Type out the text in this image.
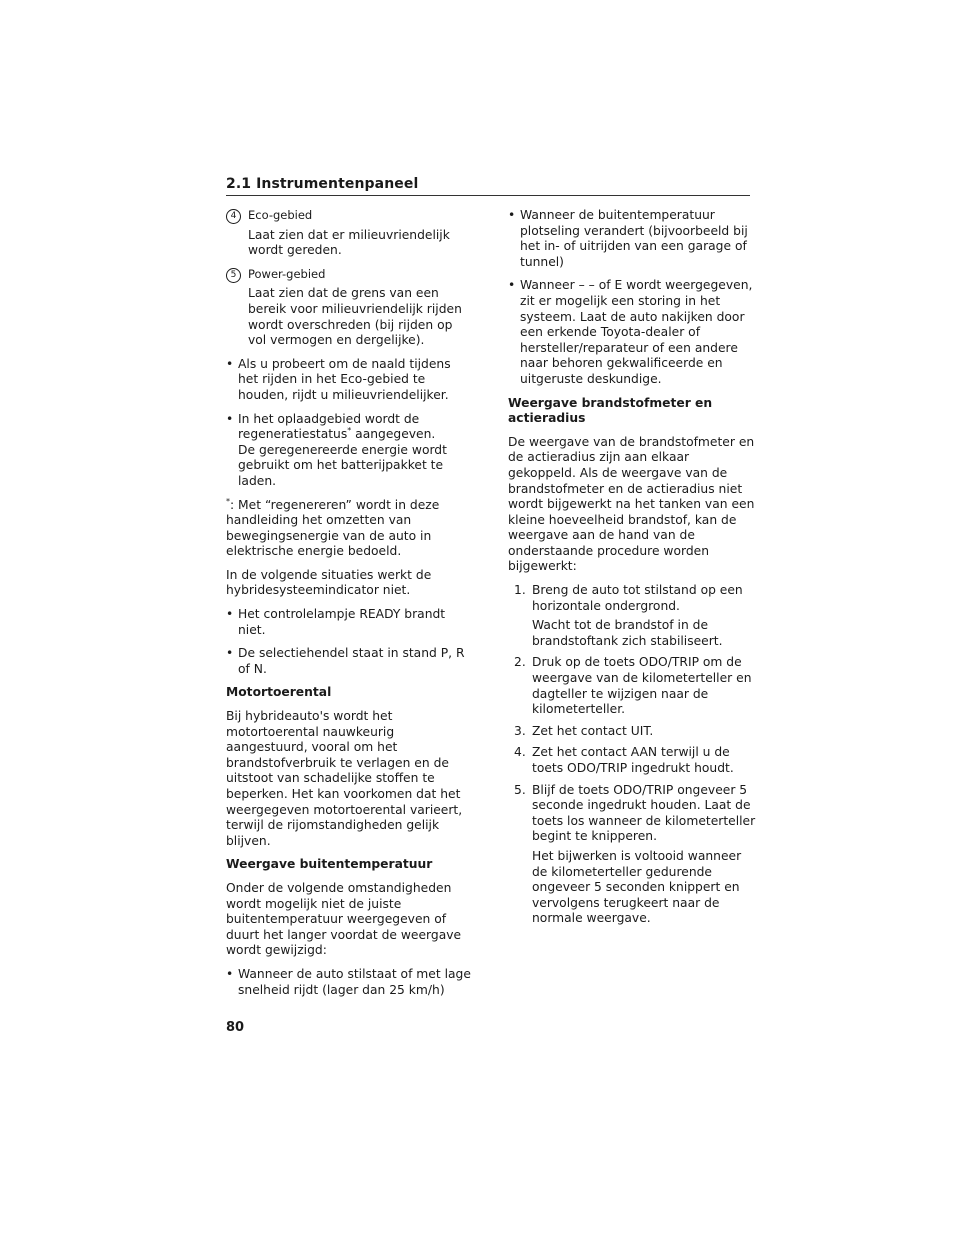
2.1 Instrumentenpaneel
4	Eco-gebied
Laat zien dat er milieuvriendelijk wordt gereden.
5	Power-gebied
Laat zien dat de grens van een bereik voor milieuvriendelijk rijden wordt overschreden (bij rijden op vol vermogen en dergelijke).
• Als u probeert om de naald tijdens het rijden in het Eco-gebied te houden, rijdt u milieuvriendelijker.
• In het oplaadgebied wordt de regeneratiestatus* aangegeven.
De geregenereerde energie wordt gebruikt om het batterijpakket te laden.

*: Met “regenereren” wordt in deze handleiding het omzetten van bewegingsenergie van de auto in elektrische energie bedoeld.

In de volgende situaties werkt de hybridesysteemindicator niet.

• Het controlelampje READY brandt niet.
• De selectiehendel staat in stand P, R of N.

Motortoerental

Bij hybrideauto's wordt het motortoerental nauwkeurig aangestuurd, vooral om het brandstofverbruik te verlagen en de uitstoot van schadelijke stoffen te beperken. Het kan voorkomen dat het weergegeven motortoerental varieert, terwijl de rijomstandigheden gelijk blijven.

Weergave buitentemperatuur

Onder de volgende omstandigheden wordt mogelijk niet de juiste buitentemperatuur weergegeven of duurt het langer voordat de weergave wordt gewijzigd:

• Wanneer de auto stilstaat of met lage snelheid rijdt (lager dan 25 km/h)
• Wanneer de buitentemperatuur plotseling verandert (bijvoorbeeld bij het in- of uitrijden van een garage of tunnel)
• Wanneer – – of E wordt weergegeven, zit er mogelijk een storing in het systeem. Laat de auto nakijken door een erkende Toyota-dealer of hersteller/reparateur of een andere naar behoren gekwalificeerde en uitgeruste deskundige.

Weergave brandstofmeter en actieradius

De weergave van de brandstofmeter en de actieradius zijn aan elkaar gekoppeld. Als de weergave van de brandstofmeter en de actieradius niet wordt bijgewerkt na het tanken van een kleine hoeveelheid brandstof, kan de weergave aan de hand van de onderstaande procedure worden bijgewerkt:

1. Breng de auto tot stilstand op een horizontale ondergrond.
Wacht tot de brandstof in de brandstoftank zich stabiliseert.
2. Druk op de toets ODO/TRIP om de weergave van de kilometerteller en dagteller te wijzigen naar de kilometerteller.
3. Zet het contact UIT.
4. Zet het contact AAN terwijl u de toets ODO/TRIP ingedrukt houdt.
5. Blijf de toets ODO/TRIP ongeveer 5 seconde ingedrukt houden. Laat de toets los wanneer de kilometerteller begint te knipperen.
Het bijwerken is voltooid wanneer de kilometerteller gedurende ongeveer 5 seconden knippert en vervolgens terugkeert naar de normale weergave.
80
